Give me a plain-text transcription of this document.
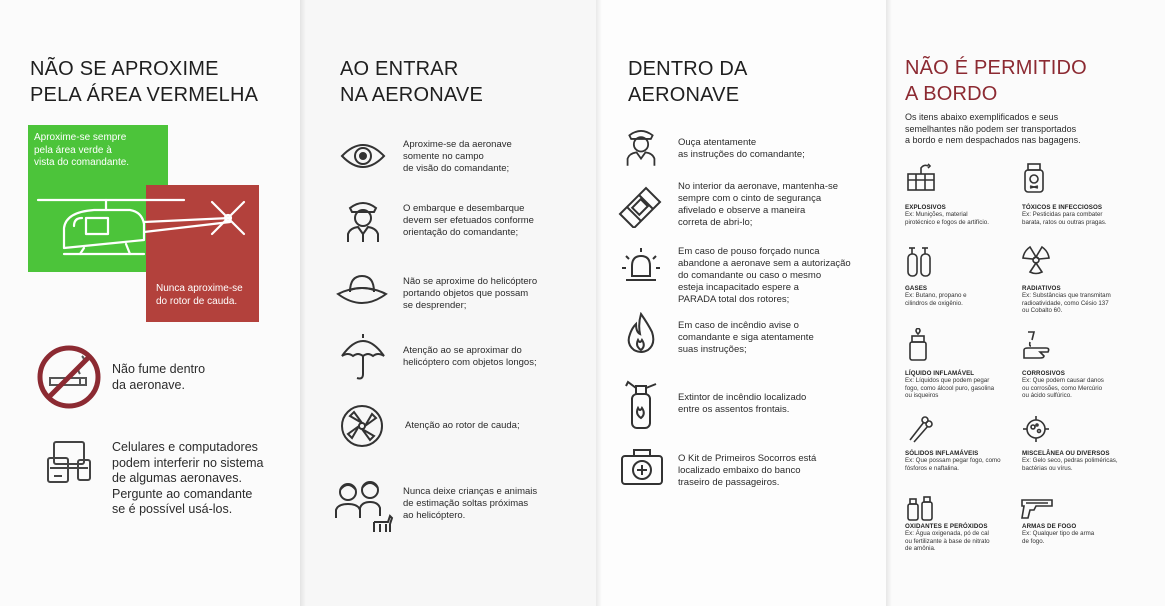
NÃO SE APROXIME
PELA ÁREA VERMELHA
Aproxime-se sempre
pela área verde à
vista do comandante.
Nunca aproxime-se
do rotor de cauda.
Não fume dentro
da aeronave.
Celulares e computadores
podem interferir no sistema
de algumas aeronaves.
Pergunte ao comandante
se é possível usá-los.
AO ENTRAR
NA AERONAVE
Aproxime-se da aeronave
somente no campo
de visão do comandante;
O embarque e desembarque
devem ser efetuados conforme
orientação do comandante;
Não se aproxime do helicóptero
portando objetos que possam
se desprender;
Atenção ao se aproximar do
helicóptero com objetos longos;
Atenção ao rotor de cauda;
Nunca deixe crianças e animais
de estimação soltas próximas
ao helicóptero.
DENTRO DA
AERONAVE
Ouça atentamente
as instruções do comandante;
No interior da aeronave, mantenha-se
sempre com o cinto de segurança
afivelado e observe a maneira
correta de abri-lo;
Em caso de pouso forçado nunca
abandone a aeronave sem a autorização
do comandante ou caso o mesmo
esteja incapacitado espere a
PARADA total dos rotores;
Em caso de incêndio avise o
comandante e siga atentamente
suas instruções;
Extintor de incêndio localizado
entre os assentos frontais.
O Kit de Primeiros Socorros está
localizado embaixo do banco
traseiro de passageiros.
NÃO É PERMITIDO
A BORDO
Os itens abaixo exemplificados e seus
semelhantes não podem ser transportados
a bordo e nem despachados nas bagagens.
EXPLOSIVOS
Ex: Munições, material
pirotécnico e fogos de artifício.
TÓXICOS E INFECCIOSOS
Ex: Pesticidas para combater
barata, ratos ou outras pragas.
GASES
Ex: Butano, propano e
cilindros de oxigênio.
RADIATIVOS
Ex: Substâncias que transmitam
radioatividade, como Césio 137
ou Cobalto 60.
LÍQUIDO INFLAMÁVEL
Ex: Líquidos que podem pegar
fogo, como álcool puro, gasolina
ou isqueiros
CORROSIVOS
Ex: Que podem causar danos
ou corrosões, como Mercúrio
ou ácido sulfúrico.
SÓLIDOS INFLAMÁVEIS
Ex: Que possam pegar fogo, como
fósforos e naftalina.
MISCELÂNEA OU DIVERSOS
Ex: Gelo seco, pedras poliméricas,
bactérias ou vírus.
OXIDANTES E PERÓXIDOS
Ex: Água oxigenada, pó de cal
ou fertilizante à base de nitrato
de amônia.
ARMAS DE FOGO
Ex: Qualquer tipo de arma
de fogo.
